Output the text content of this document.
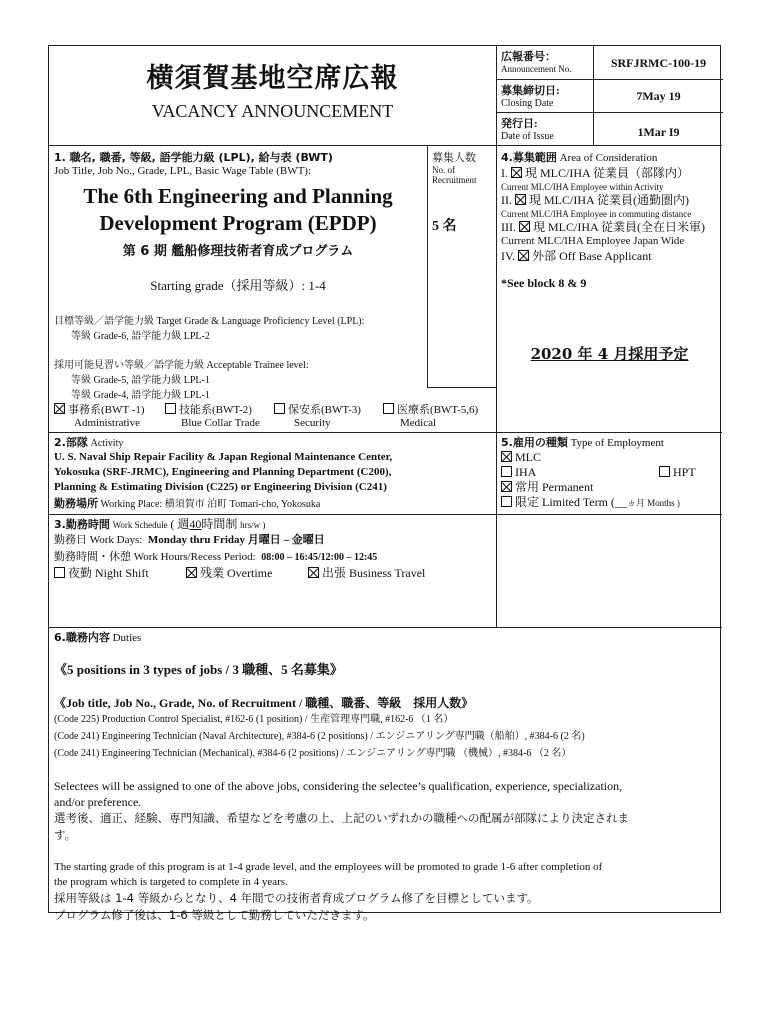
横須賀基地空席広報
VACANCY ANNOUNCEMENT
広報番号：
Announcement No.	SRFJRMC-100-19
募集締切日:
Closing Date
7May 19
発行日:
Date of Issue	1Mar I9
1. 職名, 職番, 等級, 語学能力級 (LPL), 給与表 (BWT)
Job Title, Job No., Grade, LPL, Basic Wage Table (BWT):
The 6th Engineering and Planning
Development Program (EPDP)
第 6 期 艦船修理技術者育成プログラム
Starting grade（採用等級）: 1-4
目標等級／語学能力級 Target Grade & Language Proficiency Level (LPL):
等級 Grade-6, 語学能力級 LPL-2
採用可能見習い等級／語学能力級 Acceptable Trainee level:
等級 Grade-5, 語学能力級 LPL-1
等級 Grade-4, 語学能力級 LPL-1
募集人数
No. of
Recruitment
5 名
4.募集範囲 Area of Consideration
I. 現 MLC/IHA 従業員（部隊内）
Current MLC/IHA Employee within Activity
II. 現 MLC/IHA 従業員(通勤圏内)
Current MLC/IHA Employee in commuting distance
III. 現 MLC/IHA 従業員(全在日米軍)
Current MLC/IHA Employee Japan Wide
IV. 外部 Off Base Applicant
*See block 8 & 9
2020 年 4 月採用予定
事務系(BWT -1)
Administrative
技能系(BWT-2)
Blue Collar Trade
保安系(BWT-3)
Security
医療系(BWT-5,6)
Medical
2.部隊 Activity
U. S. Naval Ship Repair Facility & Japan Regional Maintenance Center,
Yokosuka (SRF-JRMC), Engineering and Planning Department (C200),
Planning & Estimating Division (C225) or Engineering Division (C241)
勤務場所 Working Place: 横須賀市 泊町 Tomari-cho, Yokosuka
5.雇用の種類 Type of Employment
MLC
IHA	HPT
常用 Permanent
限定 Limited Term (__ヵ月 Months )
3.勤務時間 Work Schedule ( 週40時間制 hrs/w )
勤務日 Work Days: Monday thru Friday 月曜日 – 金曜日
勤務時間・休憩 Work Hours/Recess Period: 08:00 – 16:45/12:00 – 12:45
夜勤 Night Shift	残業 Overtime	出張 Business Travel
6.職務内容 Duties
《5 positions in 3 types of jobs / 3 職種、5 名募集》
《Job title, Job No., Grade, No. of Recruitment / 職種、職番、等級　採用人数》
(Code 225) Production Control Specialist, #162-6 (1 position) / 生産管理専門職, #162-6 （1 名）
(Code 241) Engineering Technician (Naval Architecture), #384-6 (2 positions) / エンジニアリング専門職（船舶）, #384-6 (2 名)
(Code 241) Engineering Technician (Mechanical), #384-6 (2 positions) / エンジニアリング専門職 （機械）, #384-6 （2 名）
Selectees will be assigned to one of the above jobs, considering the selectee’s qualification, experience, specialization,
and/or preference.
選考後、適正、経験、専門知識、希望などを考慮の上、上記のいずれかの職種への配属が部隊により決定されま
す。
The starting grade of this program is at 1-4 grade level, and the employees will be promoted to grade 1-6 after completion of
the program which is targeted to complete in 4 years.
採用等級は 1-4 等級からとなり、4 年間での技術者育成プログラム修了を目標としています。
プログラム修了後は、1-6 等級として勤務していただきます。
